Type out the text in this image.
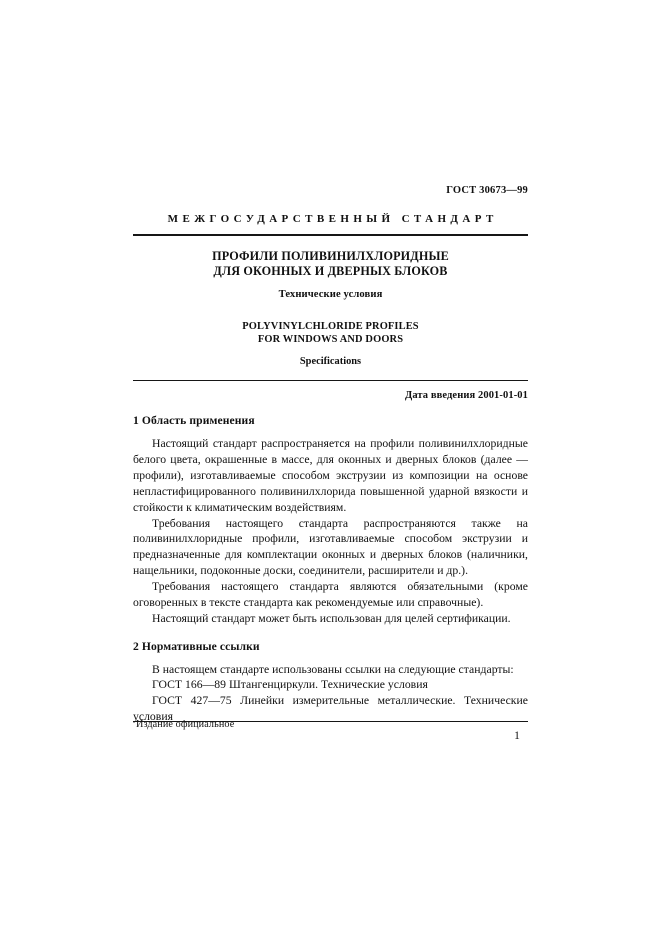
ГОСТ 30673—99
МЕЖГОСУДАРСТВЕННЫЙ СТАНДАРТ
ПРОФИЛИ ПОЛИВИНИЛХЛОРИДНЫЕ
ДЛЯ ОКОННЫХ И ДВЕРНЫХ БЛОКОВ
Технические условия
POLYVINYLCHLORIDE PROFILES
FOR WINDOWS AND DOORS
Specifications
Дата введения 2001-01-01
1 Область применения

Настоящий стандарт распространяется на профили поливинилхлоридные белого цвета, окрашенные в массе, для оконных и дверных блоков (далее — профили), изготавливаемые способом экструзии из композиции на основе непластифицированного поливинилхлорида повышенной ударной вязкости и стойкости к климатическим воздействиям.

Требования настоящего стандарта распространяются также на поливинилхлоридные профили, изготавливаемые способом экструзии и предназначенные для комплектации оконных и дверных блоков (наличники, нащельники, подоконные доски, соединители, расширители и др.).

Требования настоящего стандарта являются обязательными (кроме оговоренных в тексте стандарта как рекомендуемые или справочные).

Настоящий стандарт может быть использован для целей сертификации.

2 Нормативные ссылки

В настоящем стандарте использованы ссылки на следующие стандарты:

ГОСТ 166—89 Штангенциркули. Технические условия

ГОСТ 427—75 Линейки измерительные металлические. Технические условия

Издание официальное
1
